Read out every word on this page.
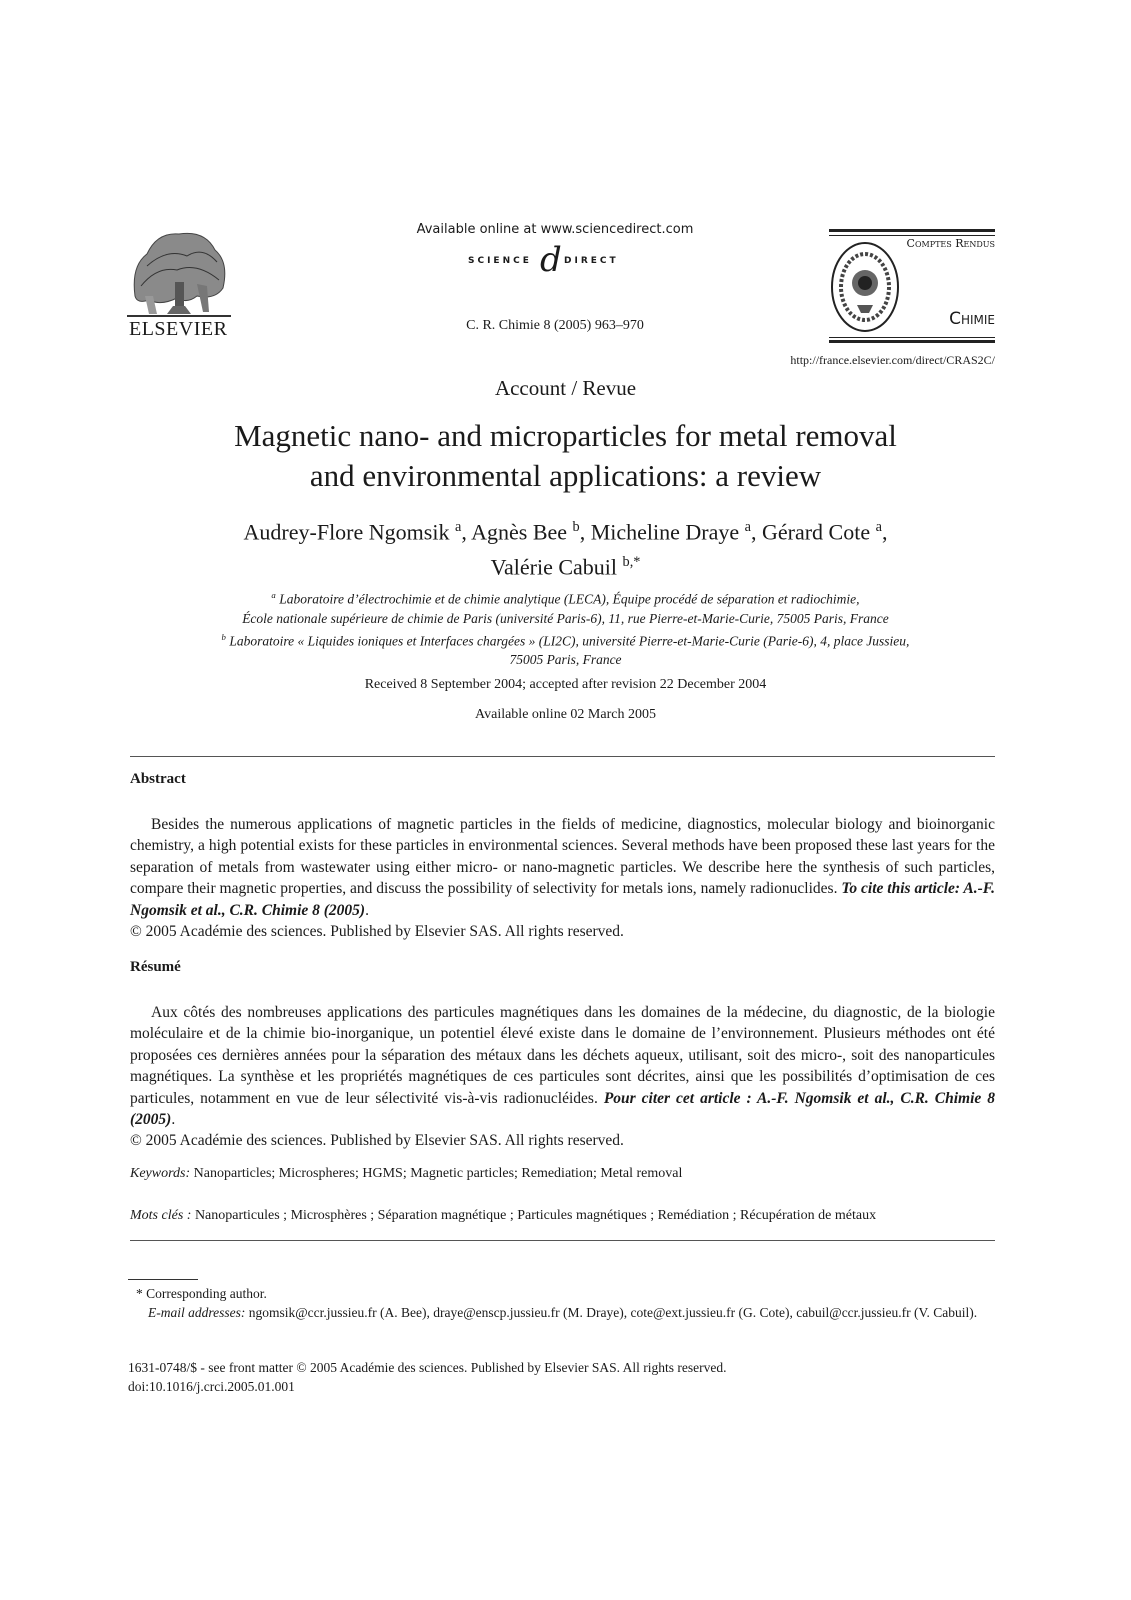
ELSEVIER
Available online at www.sciencedirect.com
SCIENCE d DIRECT
C. R. Chimie 8 (2005) 963–970
Comptes Rendus
Chimie
http://france.elsevier.com/direct/CRAS2C/
Account / Revue
Magnetic nano- and microparticles for metal removal
and environmental applications: a review
Audrey-Flore Ngomsik $^a$, Agnès Bee $^b$, Micheline Draye $^a$, Gérard Cote $^a$,
Valérie Cabuil $^{b,*}$
$^a$ Laboratoire d’électrochimie et de chimie analytique (LECA), Équipe procédé de séparation et radiochimie,
École nationale supérieure de chimie de Paris (université Paris-6), 11, rue Pierre-et-Marie-Curie, 75005 Paris, France
$^b$ Laboratoire « Liquides ioniques et Interfaces chargées » (LI2C), université Pierre-et-Marie-Curie (Parie-6), 4, place Jussieu,
75005 Paris, France
Received 8 September 2004; accepted after revision 22 December 2004
Available online 02 March 2005
Abstract

Besides the numerous applications of magnetic particles in the fields of medicine, diagnostics, molecular biology and bioinorganic chemistry, a high potential exists for these particles in environmental sciences. Several methods have been proposed these last years for the separation of metals from wastewater using either micro- or nano-magnetic particles. We describe here the synthesis of such particles, compare their magnetic properties, and discuss the possibility of selectivity for metals ions, namely radionuclides. To cite this article: A.-F. Ngomsik et al., C.R. Chimie 8 (2005).

© 2005 Académie des sciences. Published by Elsevier SAS. All rights reserved.

Résumé

Aux côtés des nombreuses applications des particules magnétiques dans les domaines de la médecine, du diagnostic, de la biologie moléculaire et de la chimie bio-inorganique, un potentiel élevé existe dans le domaine de l’environnement. Plusieurs méthodes ont été proposées ces dernières années pour la séparation des métaux dans les déchets aqueux, utilisant, soit des micro-, soit des nanoparticules magnétiques. La synthèse et les propriétés magnétiques de ces particules sont décrites, ainsi que les possibilités d’optimisation de ces particules, notamment en vue de leur sélectivité vis-à-vis radionucléides. Pour citer cet article : A.-F. Ngomsik et al., C.R. Chimie 8 (2005).

© 2005 Académie des sciences. Published by Elsevier SAS. All rights reserved.

Keywords: Nanoparticles; Microspheres; HGMS; Magnetic particles; Remediation; Metal removal
Mots clés : Nanoparticules ; Microsphères ; Séparation magnétique ; Particules magnétiques ; Remédiation ; Récupération de métaux
* Corresponding author.
E-mail addresses: ngomsik@ccr.jussieu.fr (A. Bee), draye@enscp.jussieu.fr (M. Draye), cote@ext.jussieu.fr (G. Cote), cabuil@ccr.jussieu.fr (V. Cabuil).
1631-0748/$ - see front matter © 2005 Académie des sciences. Published by Elsevier SAS. All rights reserved.
doi:10.1016/j.crci.2005.01.001
